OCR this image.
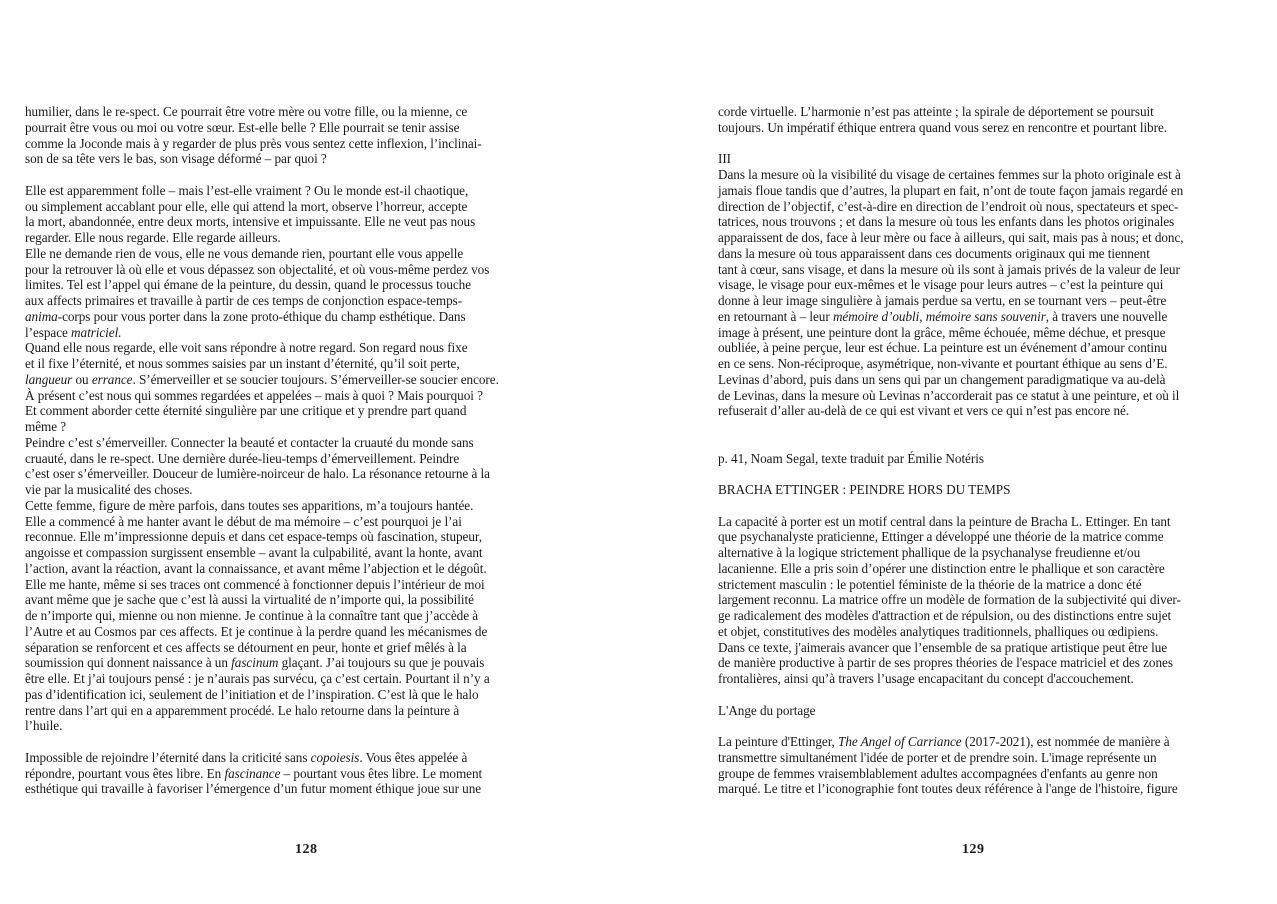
humilier, dans le re-spect. Ce pourrait être votre mère ou votre fille, ou la mienne, ce
pourrait être vous ou moi ou votre sœur. Est-elle belle ? Elle pourrait se tenir assise
comme la Joconde mais à y regarder de plus près vous sentez cette inflexion, l’inclinai-
son de sa tête vers le bas, son visage déformé – par quoi ?
Elle est apparemment folle – mais l’est-elle vraiment ? Ou le monde est-il chaotique,
ou simplement accablant pour elle, elle qui attend la mort, observe l’horreur, accepte
la mort, abandonnée, entre deux morts, intensive et impuissante. Elle ne veut pas nous
regarder. Elle nous regarde. Elle regarde ailleurs.
Elle ne demande rien de vous, elle ne vous demande rien, pourtant elle vous appelle
pour la retrouver là où elle et vous dépassez son objectalité, et où vous-même perdez vos
limites. Tel est l’appel qui émane de la peinture, du dessin, quand le processus touche
aux affects primaires et travaille à partir de ces temps de conjonction espace-temps-
anima-corps pour vous porter dans la zone proto-éthique du champ esthétique. Dans
l’espace matriciel.
Quand elle nous regarde, elle voit sans répondre à notre regard. Son regard nous fixe
et il fixe l’éternité, et nous sommes saisies par un instant d’éternité, qu’il soit perte,
langueur ou errance. S’émerveiller et se soucier toujours. S’émerveiller-se soucier encore.
À présent c’est nous qui sommes regardées et appelées – mais à quoi ? Mais pourquoi ?
Et comment aborder cette éternité singulière par une critique et y prendre part quand
même ?
Peindre c’est s’émerveiller. Connecter la beauté et contacter la cruauté du monde sans
cruauté, dans le re-spect. Une dernière durée-lieu-temps d’émerveillement. Peindre
c’est oser s’émerveiller. Douceur de lumière-noirceur de halo. La résonance retourne à la
vie par la musicalité des choses.
Cette femme, figure de mère parfois, dans toutes ses apparitions, m’a toujours hantée.
Elle a commencé à me hanter avant le début de ma mémoire – c’est pourquoi je l’ai
reconnue. Elle m’impressionne depuis et dans cet espace-temps où fascination, stupeur,
angoisse et compassion surgissent ensemble – avant la culpabilité, avant la honte, avant
l’action, avant la réaction, avant la connaissance, et avant même l’abjection et le dégoût.
Elle me hante, même si ses traces ont commencé à fonctionner depuis l’intérieur de moi
avant même que je sache que c’est là aussi la virtualité de n’importe qui, la possibilité
de n’importe qui, mienne ou non mienne. Je continue à la connaître tant que j’accède à
l’Autre et au Cosmos par ces affects. Et je continue à la perdre quand les mécanismes de
séparation se renforcent et ces affects se détournent en peur, honte et grief mêlés à la
soumission qui donnent naissance à un fascinum glaçant. J’ai toujours su que je pouvais
être elle. Et j’ai toujours pensé : je n’aurais pas survécu, ça c’est certain. Pourtant il n’y a
pas d’identification ici, seulement de l’initiation et de l’inspiration. C’est là que le halo
rentre dans l’art qui en a apparemment procédé. Le halo retourne dans la peinture à
l’huile.
Impossible de rejoindre l’éternité dans la criticité sans copoiesis. Vous êtes appelée à
répondre, pourtant vous êtes libre. En fascinance – pourtant vous êtes libre. Le moment
esthétique qui travaille à favoriser l’émergence d’un futur moment éthique joue sur une
corde virtuelle. L’harmonie n’est pas atteinte ; la spirale de déportement se poursuit
toujours. Un impératif éthique entrera quand vous serez en rencontre et pourtant libre.
III
Dans la mesure où la visibilité du visage de certaines femmes sur la photo originale est à
jamais floue tandis que d’autres, la plupart en fait, n’ont de toute façon jamais regardé en
direction de l’objectif, c’est-à-dire en direction de l’endroit où nous, spectateurs et spec-
tatrices, nous trouvons ; et dans la mesure où tous les enfants dans les photos originales
apparaissent de dos, face à leur mère ou face à ailleurs, qui sait, mais pas à nous; et donc,
dans la mesure où tous apparaissent dans ces documents originaux qui me tiennent
tant à cœur, sans visage, et dans la mesure où ils sont à jamais privés de la valeur de leur
visage, le visage pour eux-mêmes et le visage pour leurs autres – c’est la peinture qui
donne à leur image singulière à jamais perdue sa vertu, en se tournant vers – peut-être
en retournant à – leur mémoire d’oubli, mémoire sans souvenir, à travers une nouvelle
image à présent, une peinture dont la grâce, même échouée, même déchue, et presque
oubliée, à peine perçue, leur est échue. La peinture est un événement d’amour continu
en ce sens. Non-réciproque, asymétrique, non-vivante et pourtant éthique au sens d’E.
Levinas d’abord, puis dans un sens qui par un changement paradigmatique va au-delà
de Levinas, dans la mesure où Levinas n’accorderait pas ce statut à une peinture, et où il
refuserait d’aller au-delà de ce qui est vivant et vers ce qui n’est pas encore né.
p. 41, Noam Segal, texte traduit par Émilie Notéris
BRACHA ETTINGER : PEINDRE HORS DU TEMPS
La capacité à porter est un motif central dans la peinture de Bracha L. Ettinger. En tant
que psychanalyste praticienne, Ettinger a développé une théorie de la matrice comme
alternative à la logique strictement phallique de la psychanalyse freudienne et/ou
lacanienne. Elle a pris soin d’opérer une distinction entre le phallique et son caractère
strictement masculin : le potentiel féministe de la théorie de la matrice a donc été
largement reconnu. La matrice offre un modèle de formation de la subjectivité qui diver-
ge radicalement des modèles d'attraction et de répulsion, ou des distinctions entre sujet
et objet, constitutives des modèles analytiques traditionnels, phalliques ou œdipiens.
Dans ce texte, j'aimerais avancer que l’ensemble de sa pratique artistique peut être lue
de manière productive à partir de ses propres théories de l'espace matriciel et des zones
frontalières, ainsi qu’à travers l’usage encapacitant du concept d'accouchement.
L'Ange du portage
La peinture d'Ettinger, The Angel of Carriance (2017-2021), est nommée de manière à
transmettre simultanément l'idée de porter et de prendre soin. L'image représente un
groupe de femmes vraisemblablement adultes accompagnées d'enfants au genre non
marqué. Le titre et l’iconographie font toutes deux référence à l'ange de l'histoire, figure
128	129
